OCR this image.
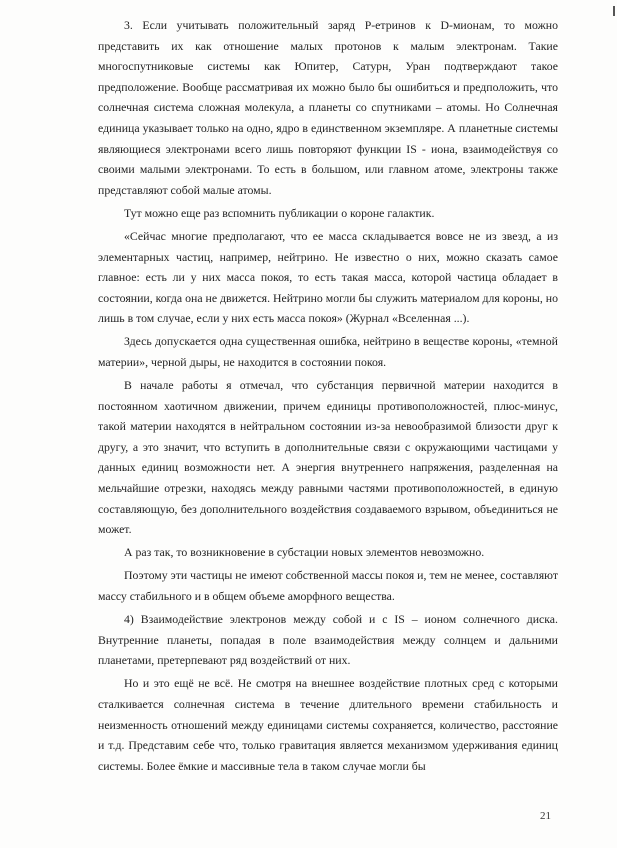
3. Если учитывать положительный заряд Р-етринов к D-мионам, то можно представить их как отношение малых протонов к малым электронам. Такие многоспутниковые системы как Юпитер, Сатурн, Уран подтверждают такое предположение. Вообще рассматривая их можно было бы ошибиться и предположить, что солнечная система сложная молекула, а планеты со спутниками – атомы. Но Солнечная единица указывает только на одно, ядро в единственном экземпляре. А планетные системы являющиеся электронами всего лишь повторяют функции IS - иона, взаимодействуя со своими малыми электронами. То есть в большом, или главном атоме, электроны также представляют собой малые атомы.

Тут можно еще раз вспомнить публикации о короне галактик.

«Сейчас многие предполагают, что ее масса складывается вовсе не из звезд, а из элементарных частиц, например, нейтрино. Не известно о них, можно сказать самое главное: есть ли у них масса покоя, то есть такая масса, которой частица обладает в состоянии, когда она не движется. Нейтрино могли бы служить материалом для короны, но лишь в том случае, если у них есть масса покоя» (Журнал «Вселенная ...).

Здесь допускается одна существенная ошибка, нейтрино в веществе короны, «темной материи», черной дыры, не находится в состоянии покоя.

В начале работы я отмечал, что субстанция первичной материи находится в постоянном хаотичном движении, причем единицы противоположностей, плюс-минус, такой материи находятся в нейтральном состоянии из-за невообразимой близости друг к другу, а это значит, что вступить в дополнительные связи с окружающими частицами у данных единиц возможности нет. А энергия внутреннего напряжения, разделенная на мельчайшие отрезки, находясь между равными частями противоположностей, в единую составляющую, без дополнительного воздействия создаваемого взрывом, объединиться не может.

А раз так, то возникновение в субстации новых элементов невозможно.

Поэтому эти частицы не имеют собственной массы покоя и, тем не менее, составляют массу стабильного и в общем объеме аморфного вещества.

4) Взаимодействие электронов между собой и с IS – ионом солнечного диска. Внутренние планеты, попадая в поле взаимодействия между солнцем и дальними планетами, претерпевают ряд воздействий от них.

Но и это ещё не всё. Не смотря на внешнее воздействие плотных сред с которыми сталкивается солнечная система в течение длительного времени стабильность и неизменность отношений между единицами системы сохраняется, количество, расстояние и т.д. Представим себе что, только гравитация является механизмом удерживания единиц системы. Более ёмкие и массивные тела в таком случае могли бы

21
